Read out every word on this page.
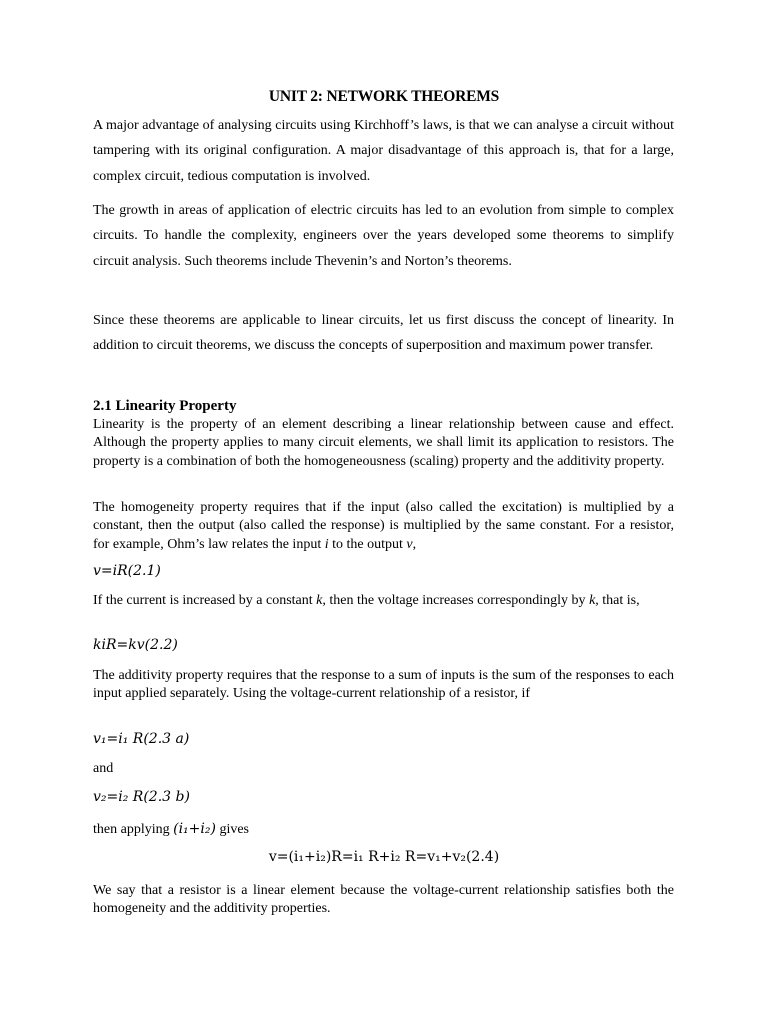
UNIT 2: NETWORK THEOREMS

A major advantage of analysing circuits using Kirchhoff’s laws, is that we can analyse a circuit without tampering with its original configuration. A major disadvantage of this approach is, that for a large, complex circuit, tedious computation is involved.

The growth in areas of application of electric circuits has led to an evolution from simple to complex circuits. To handle the complexity, engineers over the years developed some theorems to simplify circuit analysis. Such theorems include Thevenin’s and Norton’s theorems.

Since these theorems are applicable to linear circuits, let us first discuss the concept of linearity. In addition to circuit theorems, we discuss the concepts of superposition and maximum power transfer.

2.1 Linearity Property

Linearity is the property of an element describing a linear relationship between cause and effect. Although the property applies to many circuit elements, we shall limit its application to resistors. The property is a combination of both the homogeneousness (scaling) property and the additivity property.

The homogeneity property requires that if the input (also called the excitation) is multiplied by a constant, then the output (also called the response) is multiplied by the same constant. For a resistor, for example, Ohm’s law relates the input i to the output v,

v=iR(2.1)

If the current is increased by a constant k, then the voltage increases correspondingly by k, that is,

kiR=kv(2.2)

The additivity property requires that the response to a sum of inputs is the sum of the responses to each input applied separately. Using the voltage-current relationship of a resistor, if

v₁=i₁ R(2.3 a)
and
v₂=i₂ R(2.3 b)
then applying (i₁+i₂) gives
v=(i₁+i₂)R=i₁ R+i₂ R=v₁+v₂(2.4)

We say that a resistor is a linear element because the voltage-current relationship satisfies both the homogeneity and the additivity properties.
